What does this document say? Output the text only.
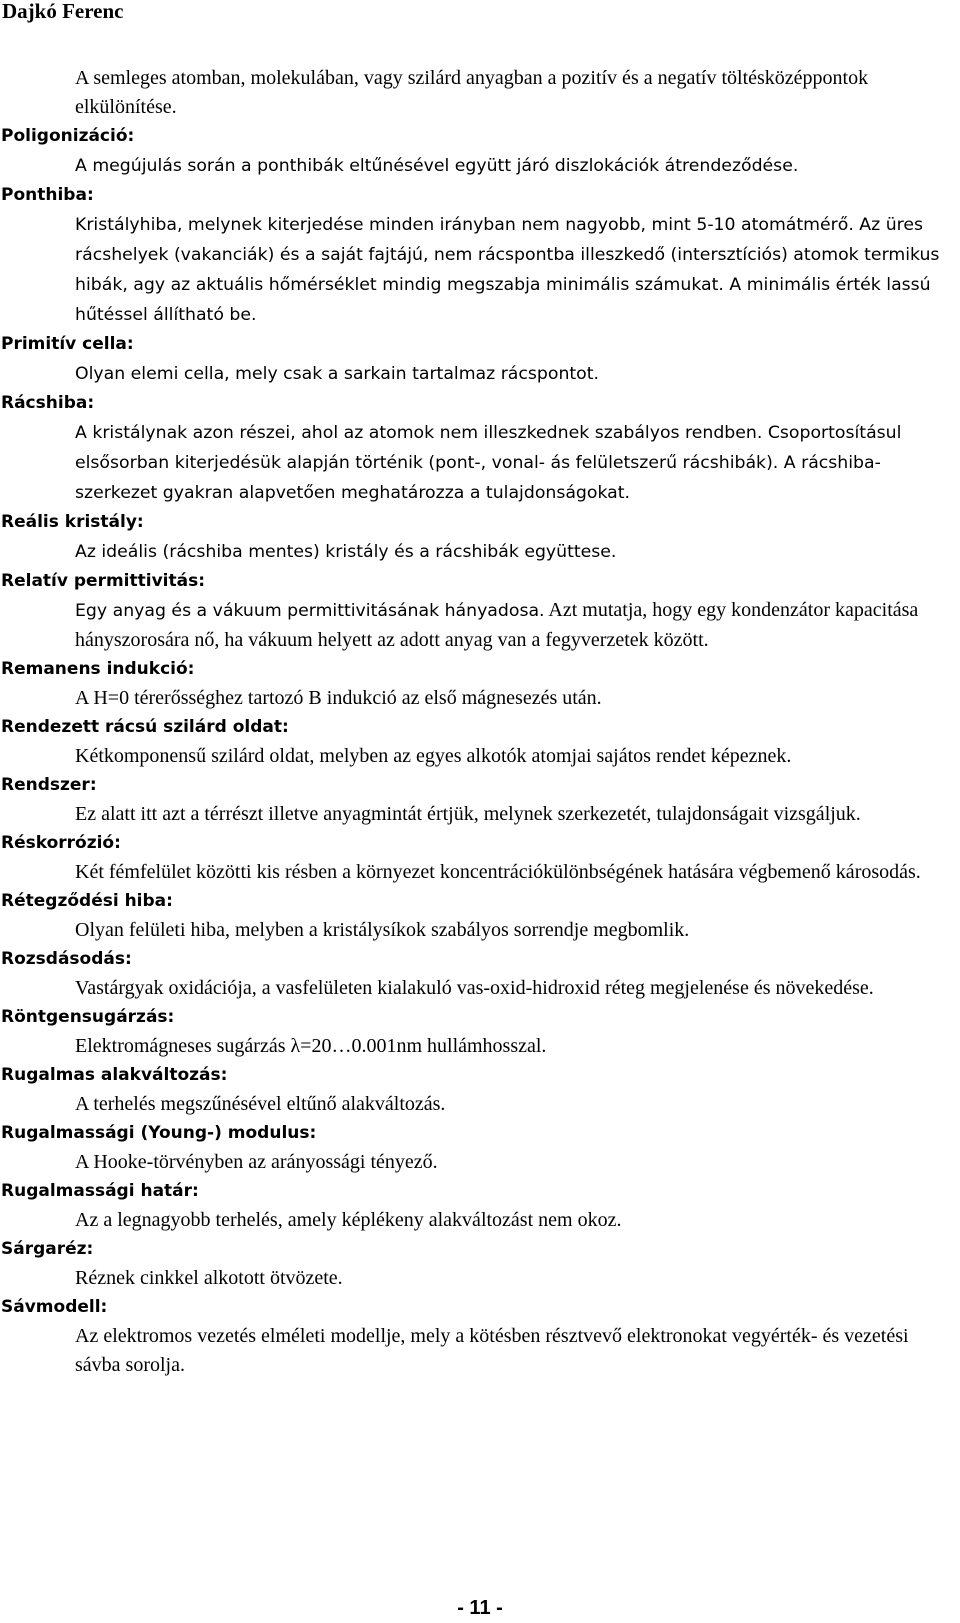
Dajkó Ferenc
A semleges atomban, molekulában, vagy szilárd anyagban a pozitív és a negatív töltésközéppontok elkülönítése.
Poligonizáció:
A megújulás során a ponthibák eltűnésével együtt járó diszlokációk átrendeződése.
Ponthiba:
Kristályhiba, melynek kiterjedése minden irányban nem nagyobb, mint 5-10 atomátmérő. Az üres rácshelyek (vakanciák) és a saját fajtájú, nem rácspontba illeszkedő (intersztíciós) atomok termikus hibák, agy az aktuális hőmérséklet mindig megszabja minimális számukat. A minimális érték lassú hűtéssel állítható be.
Primitív cella:
Olyan elemi cella, mely csak a sarkain tartalmaz rácspontot.
Rácshiba:
A kristálynak azon részei, ahol az atomok nem illeszkednek szabályos rendben. Csoportosításul elsősorban kiterjedésük alapján történik (pont-, vonal- ás felületszerű rácshibák). A rácshiba-szerkezet gyakran alapvetően meghatározza a tulajdonságokat.
Reális kristály:
Az ideális (rácshiba mentes) kristály és a rácshibák együttese.
Relatív permittivitás:
Egy anyag és a vákuum permittivitásának hányadosa. Azt mutatja, hogy egy kondenzátor kapacitása hányszorosára nő, ha vákuum helyett az adott anyag van a fegyverzetek között.
Remanens indukció:
A H=0 térerősséghez tartozó B indukció az első mágnesezés után.
Rendezett rácsú szilárd oldat:
Kétkomponensű szilárd oldat, melyben az egyes alkotók atomjai sajátos rendet képeznek.
Rendszer:
Ez alatt itt azt a térrészt illetve anyagmintát értjük, melynek szerkezetét, tulajdonságait vizsgáljuk.
Réskorrózió:
Két fémfelület közötti kis résben a környezet koncentrációkülönbségének hatására végbemenő károsodás.
Rétegződési hiba:
Olyan felületi hiba, melyben a kristálysíkok szabályos sorrendje megbomlik.
Rozsdásodás:
Vastárgyak oxidációja, a vasfelületen kialakuló vas-oxid-hidroxid réteg megjelenése és növekedése.
Röntgensugárzás:
Elektromágneses sugárzás λ=20…0.001nm hullámhosszal.
Rugalmas alakváltozás:
A terhelés megszűnésével eltűnő alakváltozás.
Rugalmassági (Young-) modulus:
A Hooke-törvényben az arányossági tényező.
Rugalmassági határ:
Az a legnagyobb terhelés, amely képlékeny alakváltozást nem okoz.
Sárgaréz:
Réznek cinkkel alkotott ötvözete.
Sávmodell:
Az elektromos vezetés elméleti modellje, mely a kötésben résztvevő elektronokat vegyérték- és vezetési sávba sorolja.
- 11 -
